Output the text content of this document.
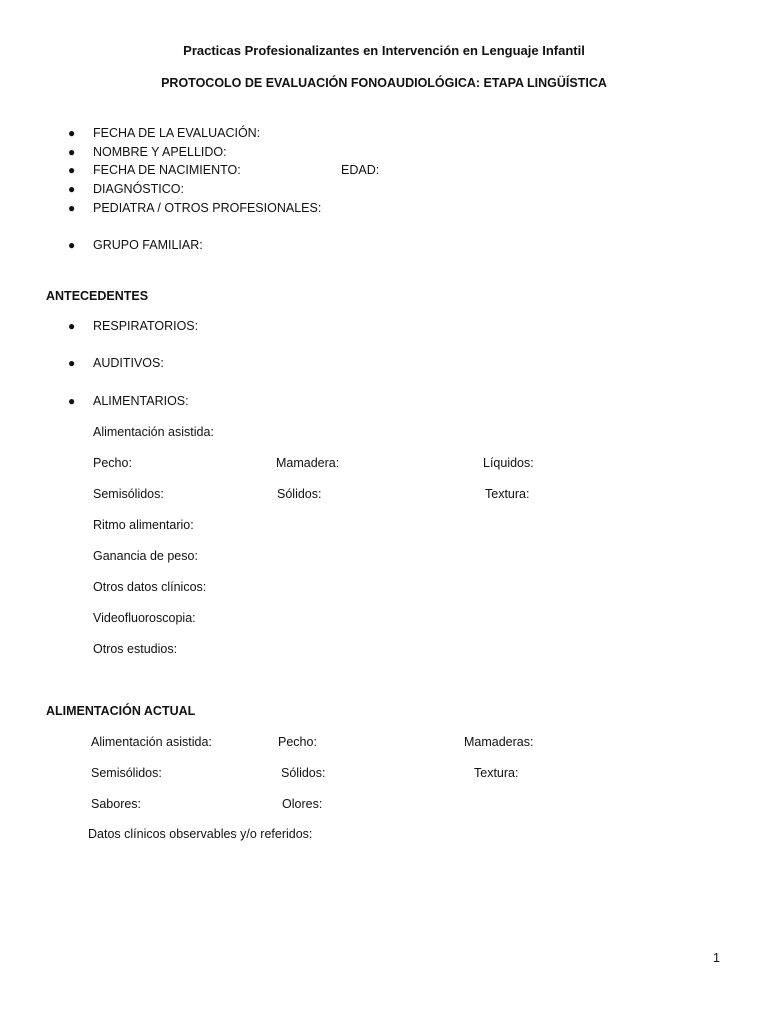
Practicas Profesionalizantes en Intervención en Lenguaje Infantil
PROTOCOLO DE EVALUACIÓN FONOAUDIOLÓGICA: ETAPA LINGÜÍSTICA
● FECHA DE LA EVALUACIÓN:
● NOMBRE Y APELLIDO:
● FECHA DE NACIMIENTO:	EDAD:
● DIAGNÓSTICO:
● PEDIATRA / OTROS PROFESIONALES:
● GRUPO FAMILIAR:
ANTECEDENTES
● RESPIRATORIOS:
● AUDITIVOS:
● ALIMENTARIOS:
Alimentación asistida:
Pecho:	Mamadera:	Líquidos:
Semisólidos:	Sólidos:	Textura:
Ritmo alimentario:
Ganancia de peso:
Otros datos clínicos:
Videofluoroscopia:
Otros estudios:
ALIMENTACIÓN ACTUAL
Alimentación asistida:	Pecho:	Mamaderas:
Semisólidos:	Sólidos:	Textura:
Sabores:	Olores:
Datos clínicos observables y/o referidos:
1
